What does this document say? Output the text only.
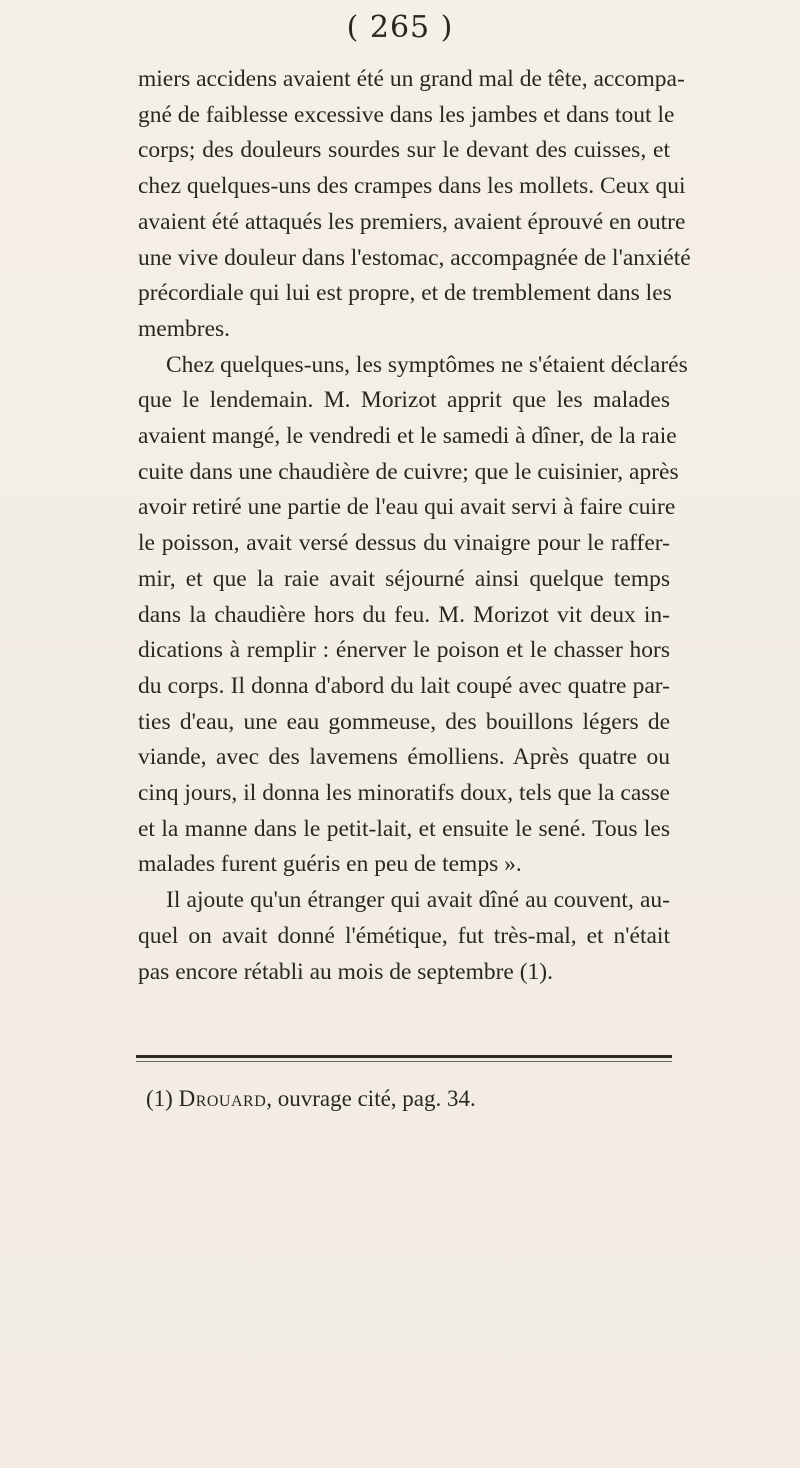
( 265 )
miers accidens avaient été un grand mal de tête, accompa-
gné de faiblesse excessive dans les jambes et dans tout le
corps; des douleurs sourdes sur le devant des cuisses, et
chez quelques-uns des crampes dans les mollets. Ceux qui
avaient été attaqués les premiers, avaient éprouvé en outre
une vive douleur dans l'estomac, accompagnée de l'anxiété
précordiale qui lui est propre, et de tremblement dans les
membres.
Chez quelques-uns, les symptômes ne s'étaient déclarés
que le lendemain. M. Morizot apprit que les malades
avaient mangé, le vendredi et le samedi à dîner, de la raie
cuite dans une chaudière de cuivre; que le cuisinier, après
avoir retiré une partie de l'eau qui avait servi à faire cuire
le poisson, avait versé dessus du vinaigre pour le raffer-
mir, et que la raie avait séjourné ainsi quelque temps
dans la chaudière hors du feu. M. Morizot vit deux in-
dications à remplir : énerver le poison et le chasser hors
du corps. Il donna d'abord du lait coupé avec quatre par-
ties d'eau, une eau gommeuse, des bouillons légers de
viande, avec des lavemens émolliens. Après quatre ou
cinq jours, il donna les minoratifs doux, tels que la casse
et la manne dans le petit-lait, et ensuite le sené. Tous les
malades furent guéris en peu de temps ».
Il ajoute qu'un étranger qui avait dîné au couvent, au-
quel on avait donné l'émétique, fut très-mal, et n'était
pas encore rétabli au mois de septembre (1).
(1) Drouard, ouvrage cité, pag. 34.
